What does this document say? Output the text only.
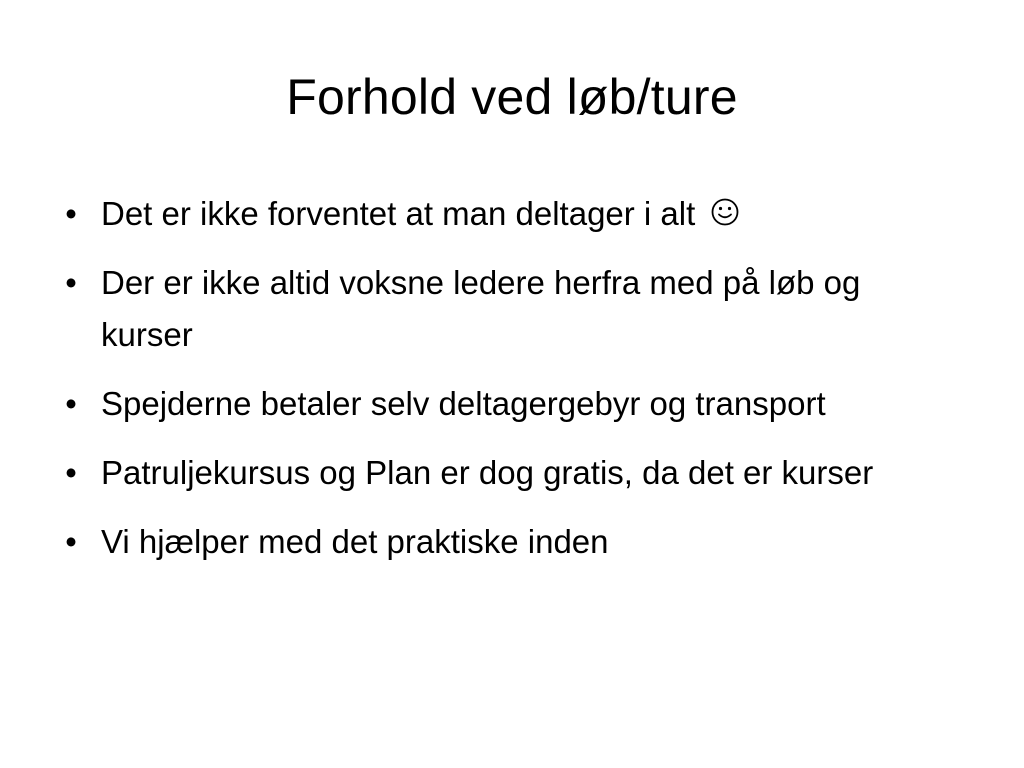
Forhold ved løb/ture
• Det er ikke forventet at man deltager i alt
• Der er ikke altid voksne ledere herfra med på løb og kurser
• Spejderne betaler selv deltagergebyr og transport
• Patruljekursus og Plan er dog gratis, da det er kurser
• Vi hjælper med det praktiske inden
